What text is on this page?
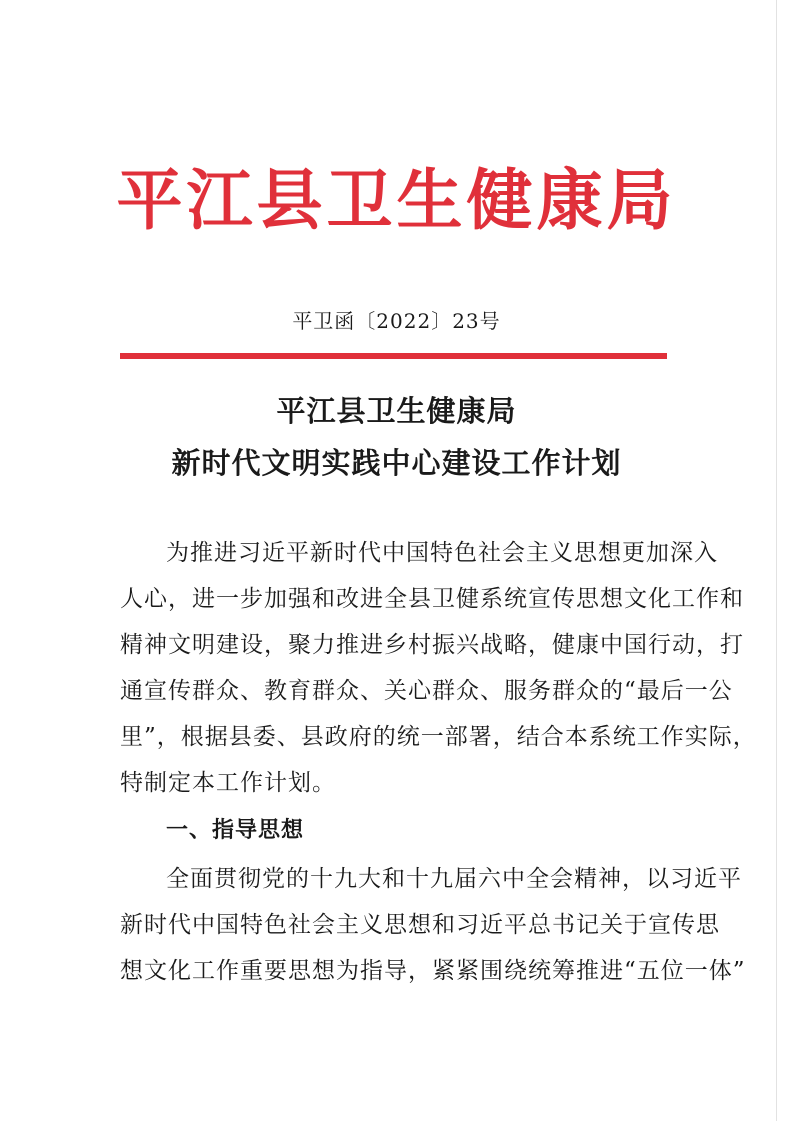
平江县卫生健康局
平卫函〔2022〕23号
平江县卫生健康局
新时代文明实践中心建设工作计划
为推进习近平新时代中国特色社会主义思想更加深入
人心，进一步加强和改进全县卫健系统宣传思想文化工作和
精神文明建设，聚力推进乡村振兴战略，健康中国行动，打
通宣传群众、教育群众、关心群众、服务群众的“最后一公
里”，根据县委、县政府的统一部署，结合本系统工作实际，
特制定本工作计划。
一、指导思想
全面贯彻党的十九大和十九届六中全会精神，以习近平
新时代中国特色社会主义思想和习近平总书记关于宣传思
想文化工作重要思想为指导，紧紧围绕统筹推进“五位一体”
